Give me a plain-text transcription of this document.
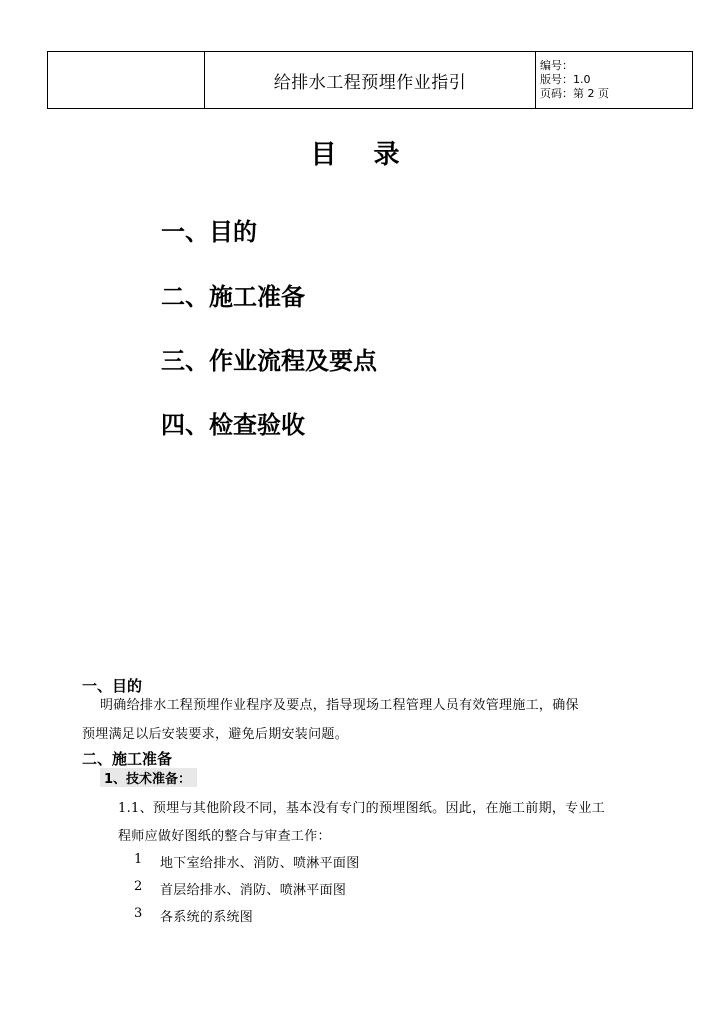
	给排水工程预埋作业指引	
编号：
版号：1.0
页码：第 2 页
目 录
一、目的
二、施工准备
三、作业流程及要点
四、检查验收
一、目的
明确给排水工程预埋作业程序及要点，指导现场工程管理人员有效管理施工，确保
预埋满足以后安装要求，避免后期安装问题。
二、施工准备
1、技术准备：
1.1、预埋与其他阶段不同，基本没有专门的预埋图纸。因此，在施工前期，专业工
程师应做好图纸的整合与审查工作：
1 地下室给排水、消防、喷淋平面图
2 首层给排水、消防、喷淋平面图
3 各系统的系统图
